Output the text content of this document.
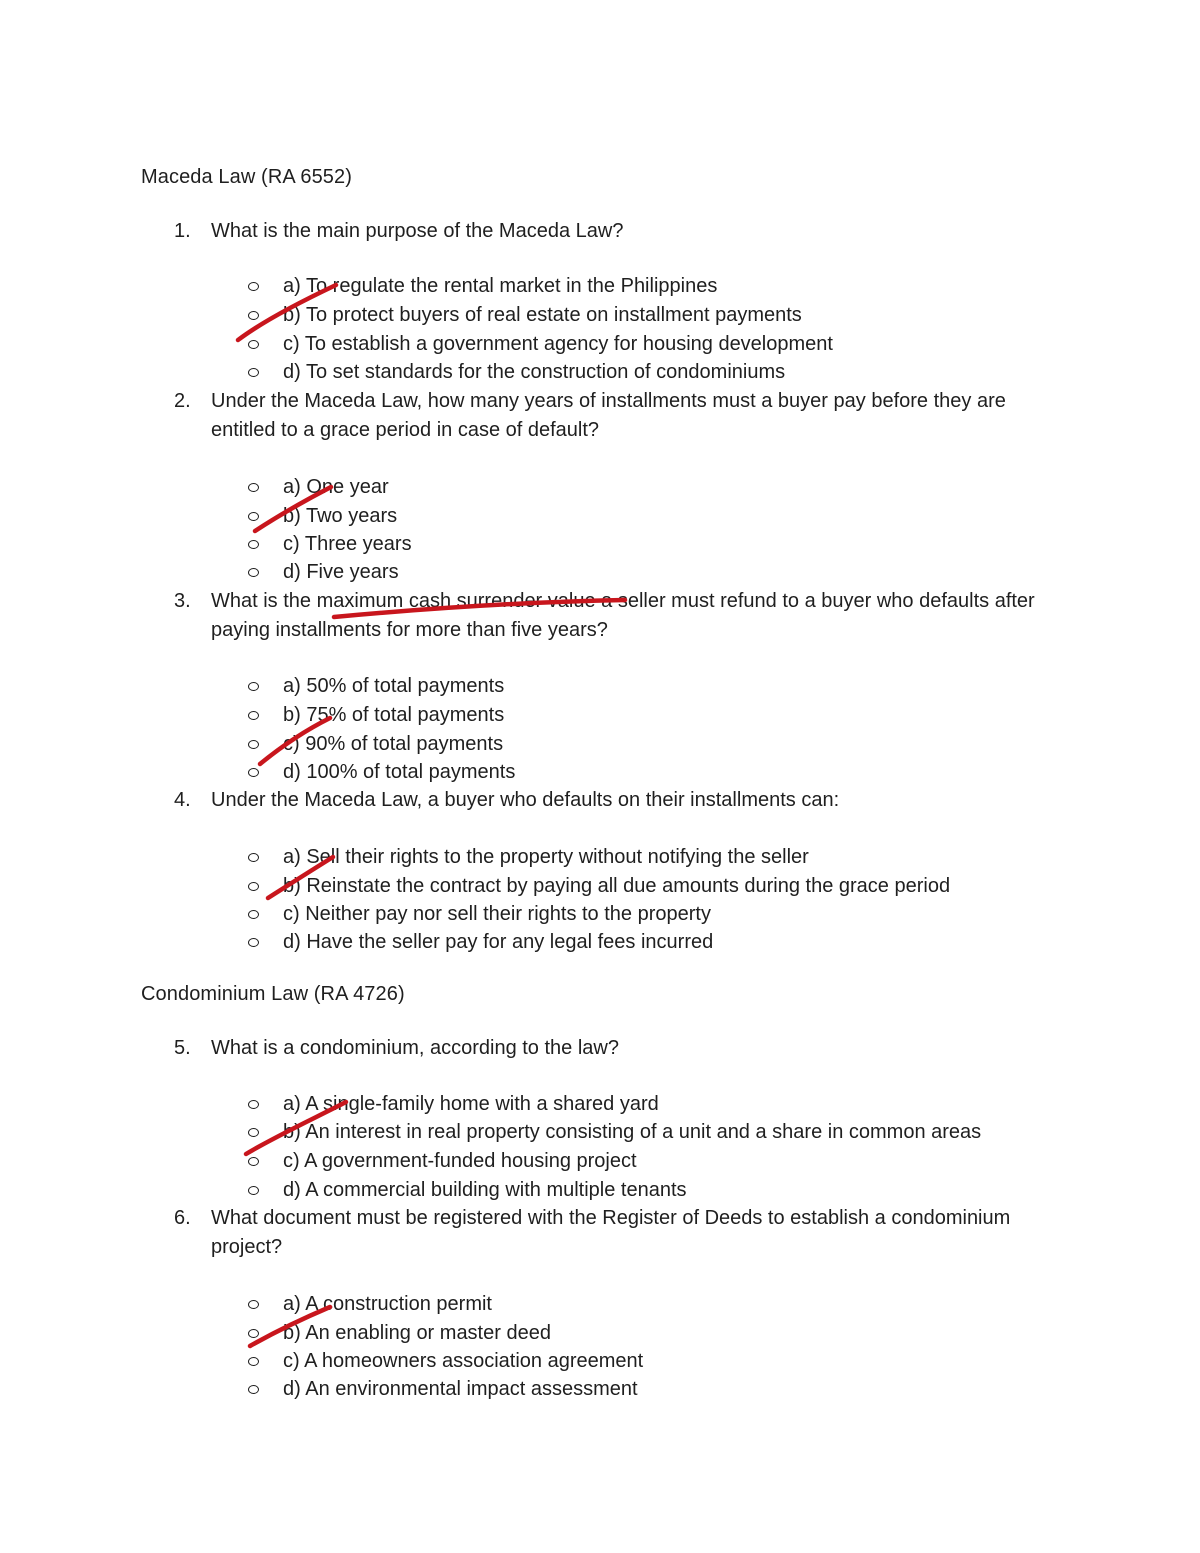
Maceda Law (RA 6552)
1.	What is the main purpose of the Maceda Law?
a) To regulate the rental market in the Philippines
b) To protect buyers of real estate on installment payments
c) To establish a government agency for housing development
d) To set standards for the construction of condominiums
2.	Under the Maceda Law, how many years of installments must a buyer pay before they are entitled to a grace period in case of default?
a) One year
b) Two years
c) Three years
d) Five years
3.	What is the maximum cash surrender value a seller must refund to a buyer who defaults after paying installments for more than five years?
a) 50% of total payments
b) 75% of total payments
c) 90% of total payments
d) 100% of total payments
4.	Under the Maceda Law, a buyer who defaults on their installments can:
a) Sell their rights to the property without notifying the seller
b) Reinstate the contract by paying all due amounts during the grace period
c) Neither pay nor sell their rights to the property
d) Have the seller pay for any legal fees incurred
Condominium Law (RA 4726)
5.	What is a condominium, according to the law?
a) A single-family home with a shared yard
b) An interest in real property consisting of a unit and a share in common areas
c) A government-funded housing project
d) A commercial building with multiple tenants
6.	What document must be registered with the Register of Deeds to establish a condominium project?
a) A construction permit
b) An enabling or master deed
c) A homeowners association agreement
d) An environmental impact assessment
